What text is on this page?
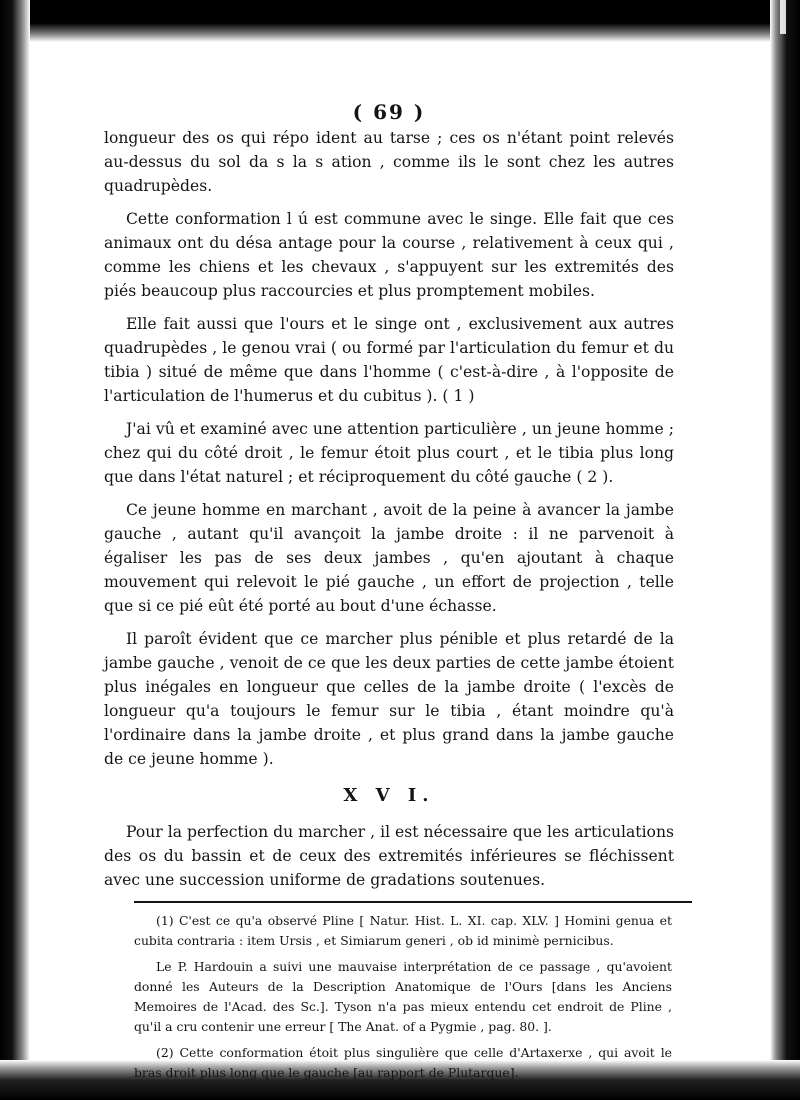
( 69 )

longueur des os qui répo ident au tarse ; ces os n'étant point relevés au-dessus du sol da s la s ation , comme ils le sont chez les autres quadrupèdes.

Cette conformation l ú est commune avec le singe. Elle fait que ces animaux ont du désa antage pour la course , relativement à ceux qui , comme les chiens et les chevaux , s'appuyent sur les extremités des piés beaucoup plus raccourcies et plus promptement mobiles.

Elle fait aussi que l'ours et le singe ont , exclusivement aux autres quadrupèdes , le genou vrai ( ou formé par l'articulation du femur et du tibia ) situé de même que dans l'homme ( c'est-à-dire , à l'opposite de l'articulation de l'humerus et du cubitus ). ( 1 )

J'ai vû et examiné avec une attention particulière , un jeune homme ; chez qui du côté droit , le femur étoit plus court , et le tibia plus long que dans l'état naturel ; et réciproquement du côté gauche ( 2 ).

Ce jeune homme en marchant , avoit de la peine à avancer la jambe gauche , autant qu'il avançoit la jambe droite : il ne parvenoit à égaliser les pas de ses deux jambes , qu'en ajoutant à chaque mouvement qui relevoit le pié gauche , un effort de projection , telle que si ce pié eût été porté au bout d'une échasse.

Il paroît évident que ce marcher plus pénible et plus retardé de la jambe gauche , venoit de ce que les deux parties de cette jambe étoient plus inégales en longueur que celles de la jambe droite ( l'excès de longueur qu'a toujours le femur sur le tibia , étant moindre qu'à l'ordinaire dans la jambe droite , et plus grand dans la jambe gauche de ce jeune homme ).

X V I.

Pour la perfection du marcher , il est nécessaire que les articulations des os du bassin et de ceux des extremités inférieures se fléchissent avec une succession uniforme de gradations soutenues.

(1) C'est ce qu'a observé Pline [ Natur. Hist. L. XI. cap. XLV. ] Homini genua et cubita contraria : item Ursis , et Simiarum generi , ob id minimè pernicibus.

Le P. Hardouin a suivi une mauvaise interprétation de ce passage , qu'avoient donné les Auteurs de la Description Anatomique de l'Ours [dans les Anciens Memoires de l'Acad. des Sc.]. Tyson n'a pas mieux entendu cet endroit de Pline , qu'il a cru contenir une erreur [ The Anat. of a Pygmie , pag. 80. ].

(2) Cette conformation étoit plus singulière que celle d'Artaxerxe , qui avoit le bras droit plus long que le gauche [au rapport de Plutarque].
